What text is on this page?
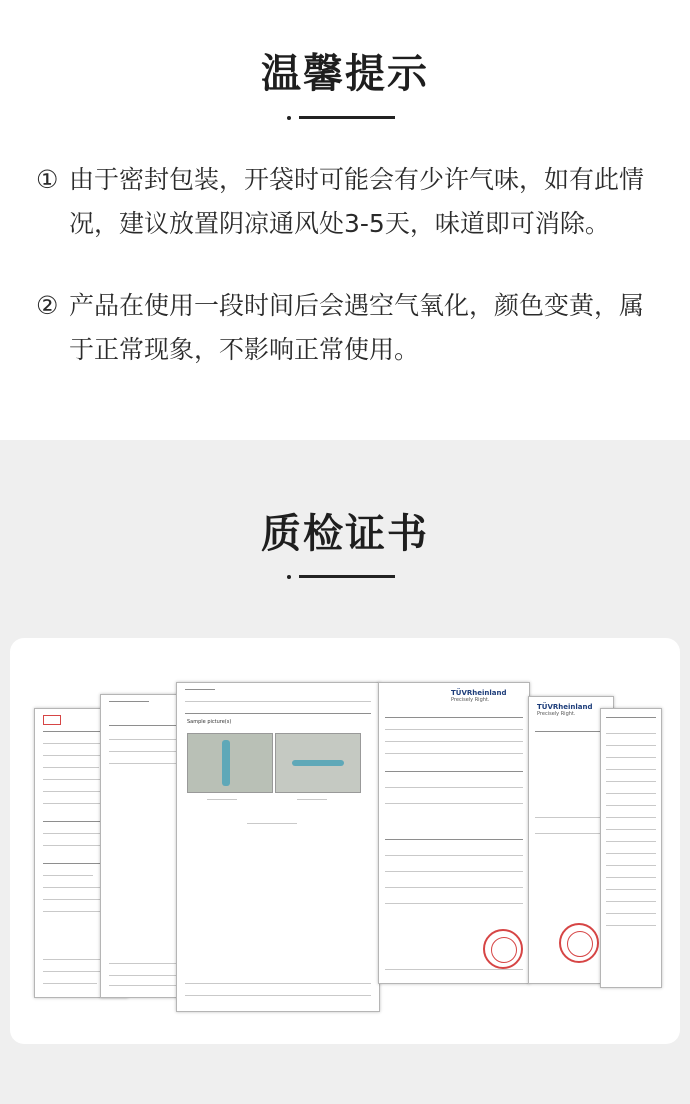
温馨提示
① 由于密封包装，开袋时可能会有少许气味，如有此情况，建议放置阴凉通风处3-5天，味道即可消除。
② 产品在使用一段时间后会遇空气氧化，颜色变黄，属于正常现象，不影响正常使用。
质检证书
Sample picture(s)
TÜVRheinland
Precisely Right.
TÜVRheinland
Precisely Right.
